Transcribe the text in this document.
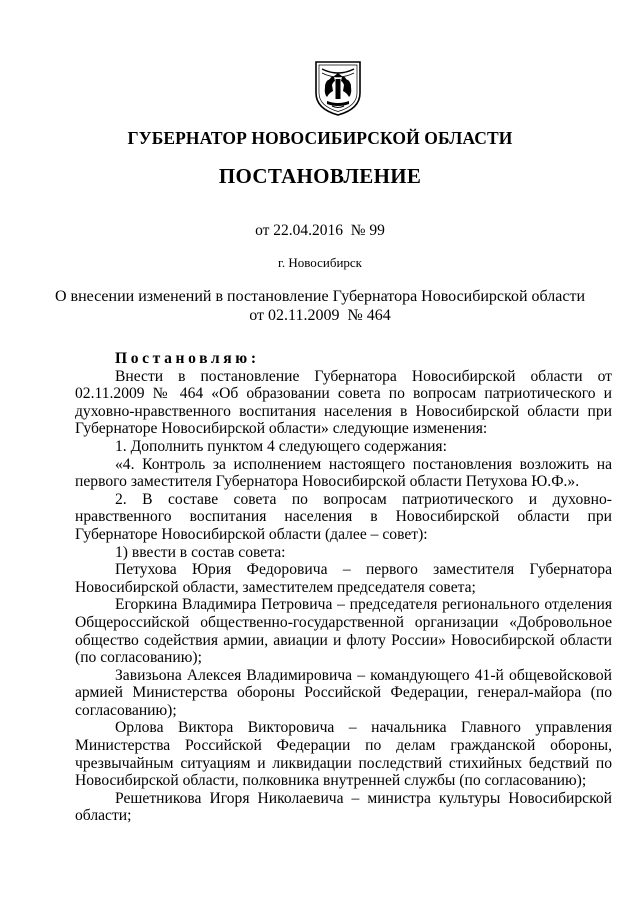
ГУБЕРНАТОР НОВОСИБИРСКОЙ ОБЛАСТИ
ПОСТАНОВЛЕНИЕ
от 22.04.2016  № 99
г. Новосибирск
О внесении изменений в постановление Губернатора Новосибирской области
от 02.11.2009  № 464

Постановляю:

Внести в постановление Губернатора Новосибирской области от 02.11.2009 № 464 «Об образовании совета по вопросам патриотического и духовно-нравственного воспитания населения в Новосибирской области при Губернаторе Новосибирской области» следующие изменения:

1. Дополнить пунктом 4 следующего содержания:

«4. Контроль за исполнением настоящего постановления возложить на первого заместителя Губернатора Новосибирской области Петухова Ю.Ф.».

2. В составе совета по вопросам патриотического и духовно-нравственного воспитания населения в Новосибирской области при Губернаторе Новосибирской области (далее – совет):

1) ввести в состав совета:

Петухова Юрия Федоровича – первого заместителя Губернатора Новосибирской области, заместителем председателя совета;

Егоркина Владимира Петровича – председателя регионального отделения Общероссийской общественно-государственной организации «Добровольное общество содействия армии, авиации и флоту России» Новосибирской области (по согласованию);

Завизьона Алексея Владимировича – командующего 41-й общевойсковой армией Министерства обороны Российской Федерации, генерал-майора (по согласованию);

Орлова Виктора Викторовича – начальника Главного управления Министерства Российской Федерации по делам гражданской обороны, чрезвычайным ситуациям и ликвидации последствий стихийных бедствий по Новосибирской области, полковника внутренней службы (по согласованию);

Решетникова Игоря Николаевича – министра культуры Новосибирской области;
